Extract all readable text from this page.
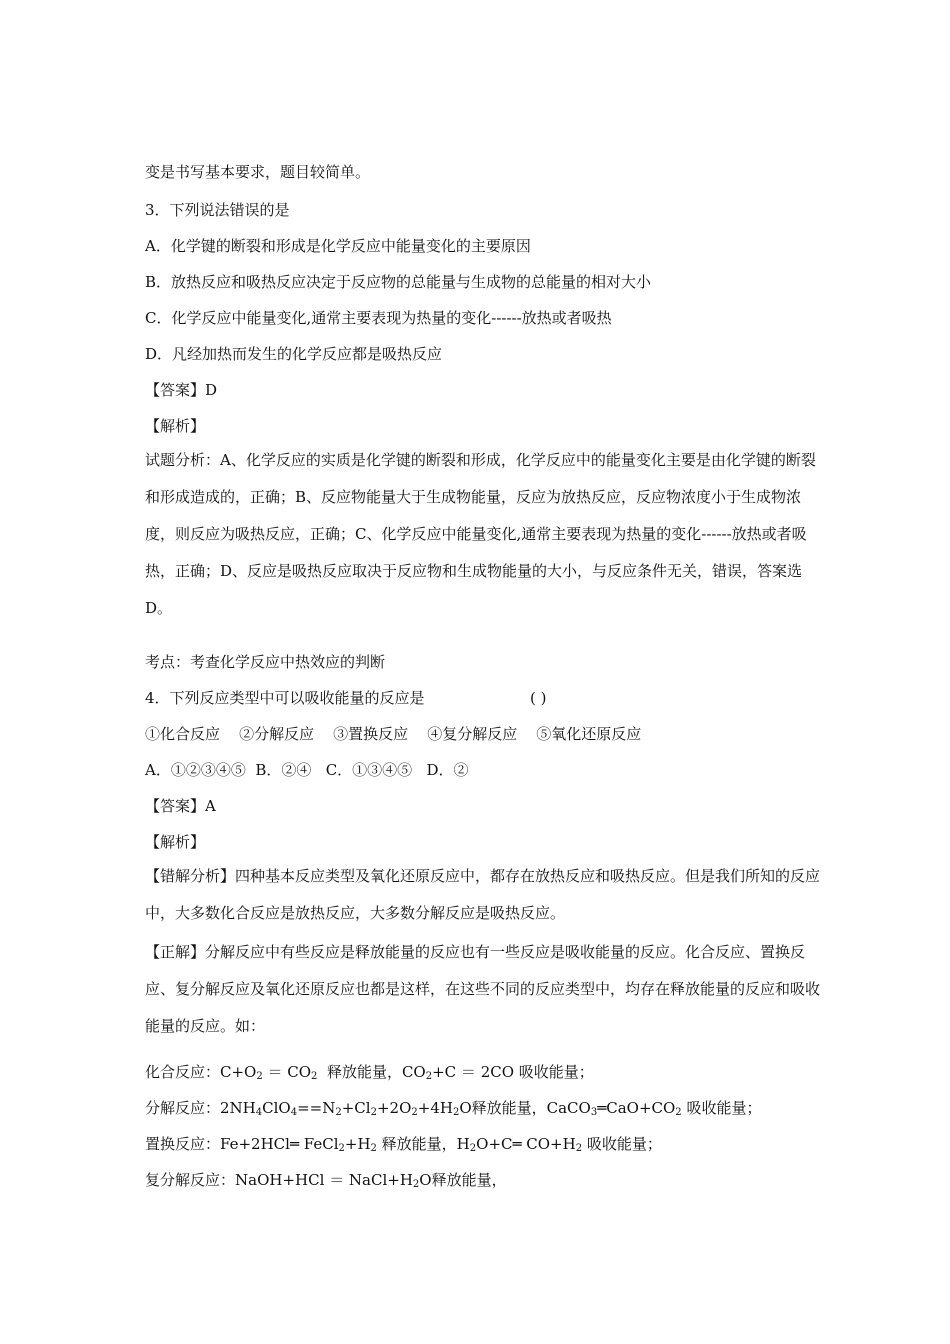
变是书写基本要求，题目较简单。
3．下列说法错误的是
A．化学键的断裂和形成是化学反应中能量变化的主要原因
B．放热反应和吸热反应决定于反应物的总能量与生成物的总能量的相对大小
C．化学反应中能量变化,通常主要表现为热量的变化------放热或者吸热
D．凡经加热而发生的化学反应都是吸热反应
【答案】D
【解析】
试题分析：A、化学反应的实质是化学键的断裂和形成，化学反应中的能量变化主要是由化学键的断裂和形成造成的，正确；B、反应物能量大于生成物能量，反应为放热反应，反应物浓度小于生成物浓度，则反应为吸热反应，正确；C、化学反应中能量变化,通常主要表现为热量的变化------放热或者吸热，正确；D、反应是吸热反应取决于反应物和生成物能量的大小，与反应条件无关，错误，答案选D。
考点：考查化学反应中热效应的判断
4．下列反应类型中可以吸收能量的反应是	( )
①化合反应    ②分解反应    ③置换反应    ④复分解反应    ⑤氧化还原反应
A．①②③④⑤  B．②④   C．①③④⑤   D．②
【答案】A
【解析】
【错解分析】四种基本反应类型及氧化还原反应中，都存在放热反应和吸热反应。但是我们所知的反应中，大多数化合反应是放热反应，大多数分解反应是吸热反应。
【正解】分解反应中有些反应是释放能量的反应也有一些反应是吸收能量的反应。化合反应、置换反应、复分解反应及氧化还原反应也都是这样，在这些不同的反应类型中，均存在释放能量的反应和吸收能量的反应。如：
化合反应：$C+O_2 = CO_2$  释放能量，$CO_2+C = 2CO$ 吸收能量；
分解反应：$2NH_4ClO_4==N_2+Cl_2+2O_2+4H_2O$释放能量，$CaCO_3═CaO+CO_2$ 吸收能量；
置换反应：Fe+2HCl═ $FeCl_2+H_2$ 释放能量，$H_2O+C═$ $CO+H_2$ 吸收能量；
复分解反应：NaOH+HCl ＝ $NaCl+H_2O$释放能量，
